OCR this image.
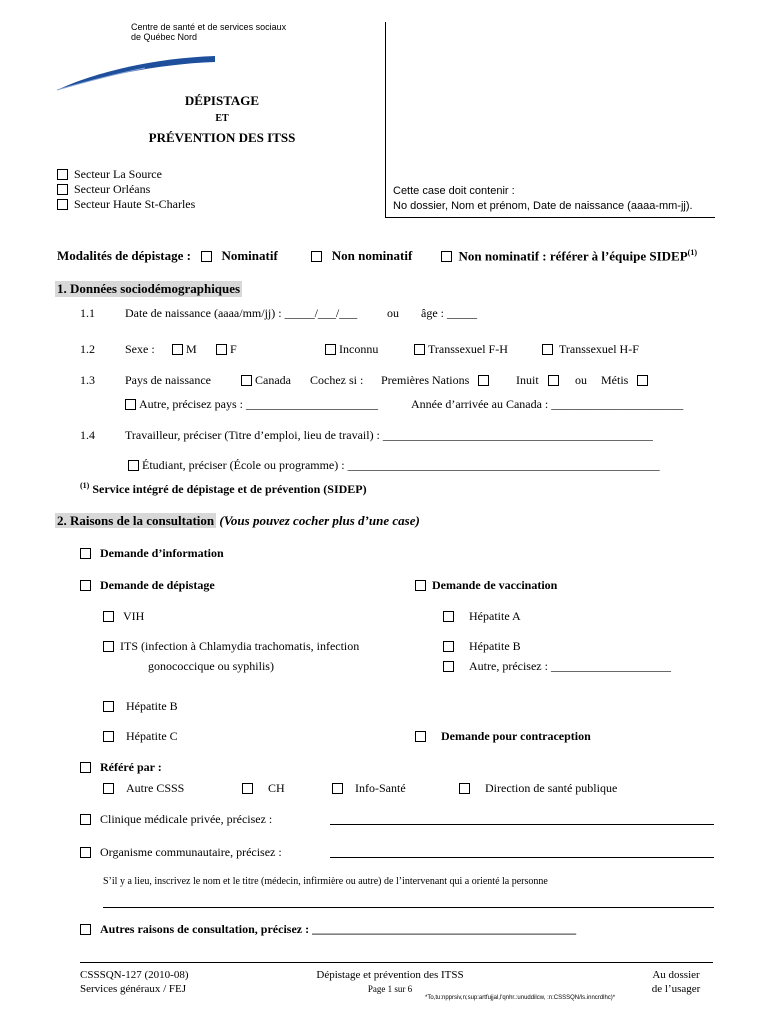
Centre de santé et de services sociaux
de Québec Nord
DÉPISTAGE
ET
PRÉVENTION DES ITSS
Secteur La Source
Secteur Orléans
Secteur Haute St-Charles
Cette case doit contenir :
No dossier, Nom et prénom, Date de naissance (aaaa-mm-jj).
Modalités de dépistage : Nominatif	Non nominatif	Non nominatif : référer à l’équipe SIDEP$^{(1)}$
1. Données sociodémographiques
1.1	Date de naissance (aaaa/mm/jj) : _____/___/___ ou âge : _____
1.2	Sexe :	M	F	Inconnu	Transsexuel F-H	Transsexuel H-F
1.3	Pays de naissance	Canada Cochez si : Premières Nations	Inuit	ou Métis
Autre, précisez pays : ______________________	Année d’arrivée au Canada : ______________________
1.4	Travailleur, préciser (Titre d’emploi, lieu de travail) : _____________________________________________
Étudiant, préciser (École ou programme) : ____________________________________________________
$^{(1)}$ Service intégré de dépistage et de prévention (SIDEP)
2. Raisons de la consultation (Vous pouvez cocher plus d’une case)
Demande d’information
Demande de dépistage	Demande de vaccination
VIH	Hépatite A
ITS (infection à Chlamydia trachomatis, infection
gonococcique ou syphilis)
Hépatite B
Autre, précisez : ____________________
Hépatite B
Hépatite C	Demande pour contraception
Référé par :
Autre CSSS	CH	Info-Santé	Direction de santé publique
Clinique médicale privée, précisez :
Organisme communautaire, précisez :
S’il y a lieu, inscrivez le nom et le titre (médecin, infirmière ou autre) de l’intervenant qui a orienté la personne
Autres raisons de consultation, précisez : ____________________________________________
CSSSQN-127 (2010-08)
Services généraux / FEJ
Dépistage et prévention des ITSS
Page 1 sur 6
Au dossier
de l’usager
*To,tu:npprsiv,n;sup:artfujjal,l'qnhr.:unuddilcw, :n:CSSSQN/ls.inncrdlhc)*
